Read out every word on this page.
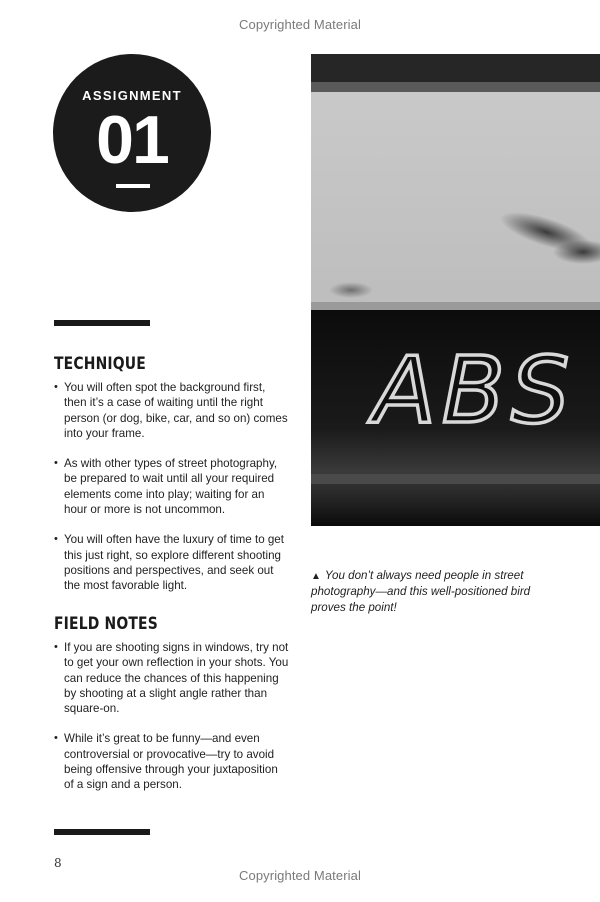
Copyrighted Material
ASSIGNMENT
01
TECHNIQUE
• You will often spot the background first, then it’s a case of waiting until the right person (or dog, bike, car, and so on) comes into your frame.
• As with other types of street photography, be prepared to wait until all your required elements come into play; waiting for an hour or more is not uncommon.
• You will often have the luxury of time to get this just right, so explore different shooting positions and perspectives, and seek out the most favorable light.
FIELD NOTES
• If you are shooting signs in windows, try not to get your own reflection in your shots. You can reduce the chances of this happening by shooting at a slight angle rather than square-on.
• While it’s great to be funny—and even controversial or provocative—try to avoid being offensive through your juxtaposition of a sign and a person.
ABS
▲ You don’t always need people in street photography—and this well-positioned bird proves the point!
8
Copyrighted Material
